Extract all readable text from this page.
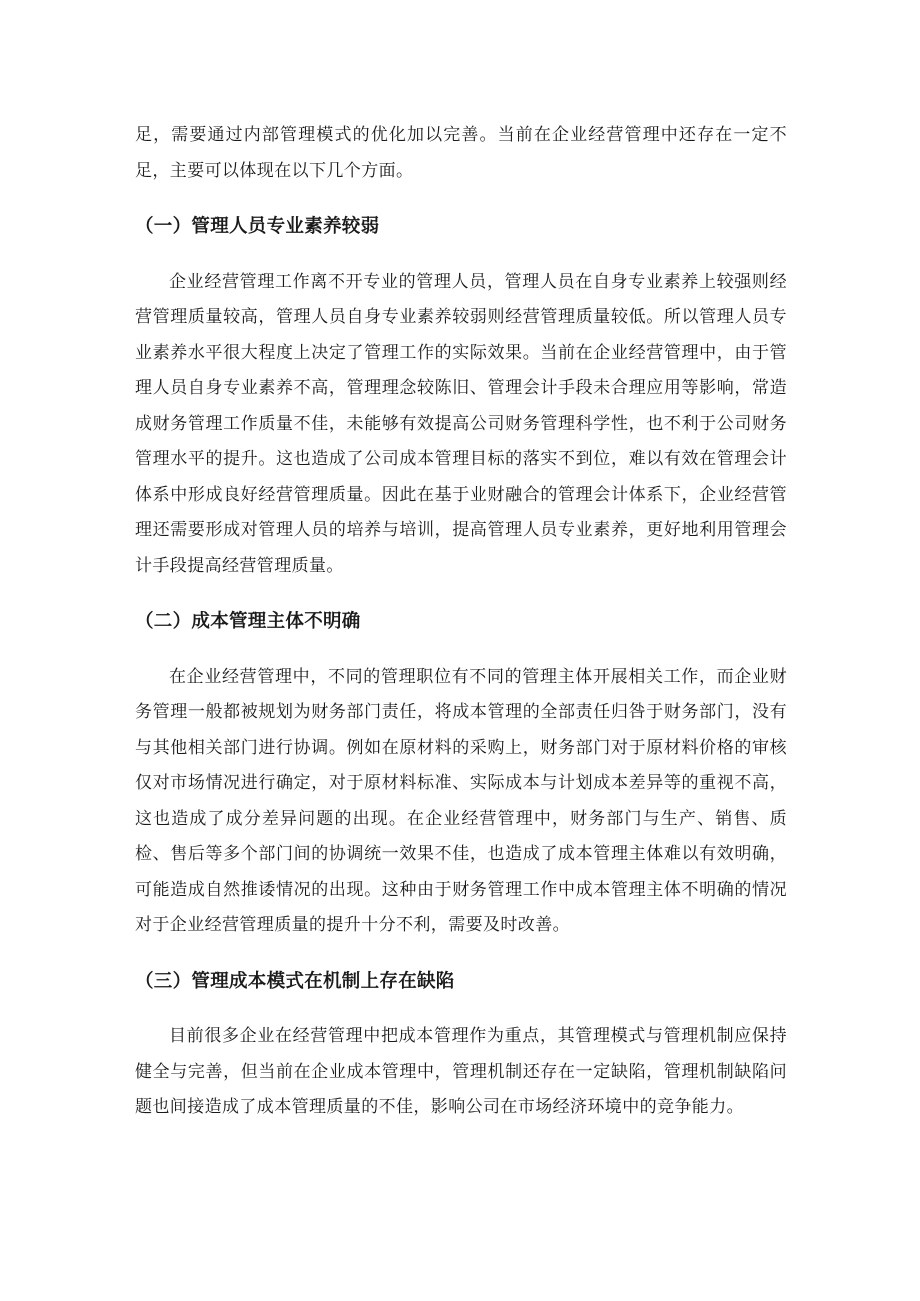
足，需要通过内部管理模式的优化加以完善。当前在企业经营管理中还存在一定不足，主要可以体现在以下几个方面。

（一）管理人员专业素养较弱

企业经营管理工作离不开专业的管理人员，管理人员在自身专业素养上较强则经营管理质量较高，管理人员自身专业素养较弱则经营管理质量较低。所以管理人员专业素养水平很大程度上决定了管理工作的实际效果。当前在企业经营管理中，由于管理人员自身专业素养不高，管理理念较陈旧、管理会计手段未合理应用等影响，常造成财务管理工作质量不佳，未能够有效提高公司财务管理科学性，也不利于公司财务管理水平的提升。这也造成了公司成本管理目标的落实不到位，难以有效在管理会计体系中形成良好经营管理质量。因此在基于业财融合的管理会计体系下，企业经营管理还需要形成对管理人员的培养与培训，提高管理人员专业素养，更好地利用管理会计手段提高经营管理质量。

（二）成本管理主体不明确

在企业经营管理中，不同的管理职位有不同的管理主体开展相关工作，而企业财务管理一般都被规划为财务部门责任，将成本管理的全部责任归咎于财务部门，没有与其他相关部门进行协调。例如在原材料的采购上，财务部门对于原材料价格的审核仅对市场情况进行确定，对于原材料标准、实际成本与计划成本差异等的重视不高，这也造成了成分差异问题的出现。在企业经营管理中，财务部门与生产、销售、质检、售后等多个部门间的协调统一效果不佳，也造成了成本管理主体难以有效明确，可能造成自然推诿情况的出现。这种由于财务管理工作中成本管理主体不明确的情况对于企业经营管理质量的提升十分不利，需要及时改善。

（三）管理成本模式在机制上存在缺陷

目前很多企业在经营管理中把成本管理作为重点，其管理模式与管理机制应保持健全与完善，但当前在企业成本管理中，管理机制还存在一定缺陷，管理机制缺陷问题也间接造成了成本管理质量的不佳，影响公司在市场经济环境中的竞争能力。
